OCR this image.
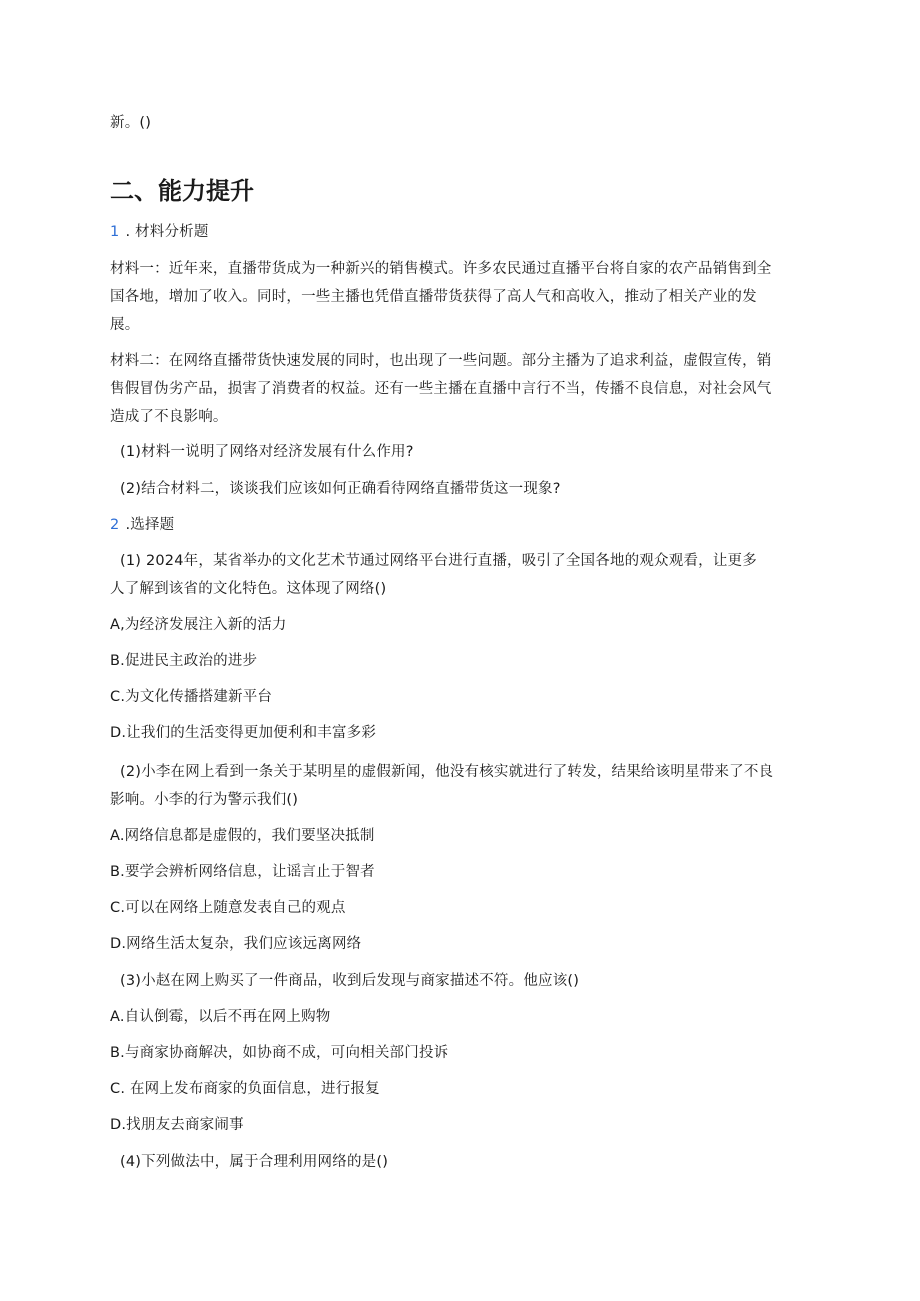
新。()
二、能力提升
1 . 材料分析题
材料一：近年来，直播带货成为一种新兴的销售模式。许多农民通过直播平台将自家的农产品销售到全
国各地，增加了收入。同时，一些主播也凭借直播带货获得了高人气和高收入，推动了相关产业的发
展。
材料二：在网络直播带货快速发展的同时，也出现了一些问题。部分主播为了追求利益，虚假宣传，销
售假冒伪劣产品，损害了消费者的权益。还有一些主播在直播中言行不当，传播不良信息，对社会风气
造成了不良影响。
(1)材料一说明了网络对经济发展有什么作用?
(2)结合材料二，谈谈我们应该如何正确看待网络直播带货这一现象?
2 .选择题
(1) 2024年，某省举办的文化艺术节通过网络平台进行直播，吸引了全国各地的观众观看，让更多
人了解到该省的文化特色。这体现了网络()
A,为经济发展注入新的活力
B.促进民主政治的进步
C.为文化传播搭建新平台
D.让我们的生活变得更加便利和丰富多彩
(2)小李在网上看到一条关于某明星的虚假新闻，他没有核实就进行了转发，结果给该明星带来了不良
影响。小李的行为警示我们()
A.网络信息都是虚假的，我们要坚决抵制
B.要学会辨析网络信息，让谣言止于智者
C.可以在网络上随意发表自己的观点
D.网络生活太复杂，我们应该远离网络
(3)小赵在网上购买了一件商品，收到后发现与商家描述不符。他应该()
A.自认倒霉，以后不再在网上购物
B.与商家协商解决，如协商不成，可向相关部门投诉
C. 在网上发布商家的负面信息，进行报复
D.找朋友去商家闹事
(4)下列做法中，属于合理利用网络的是()
